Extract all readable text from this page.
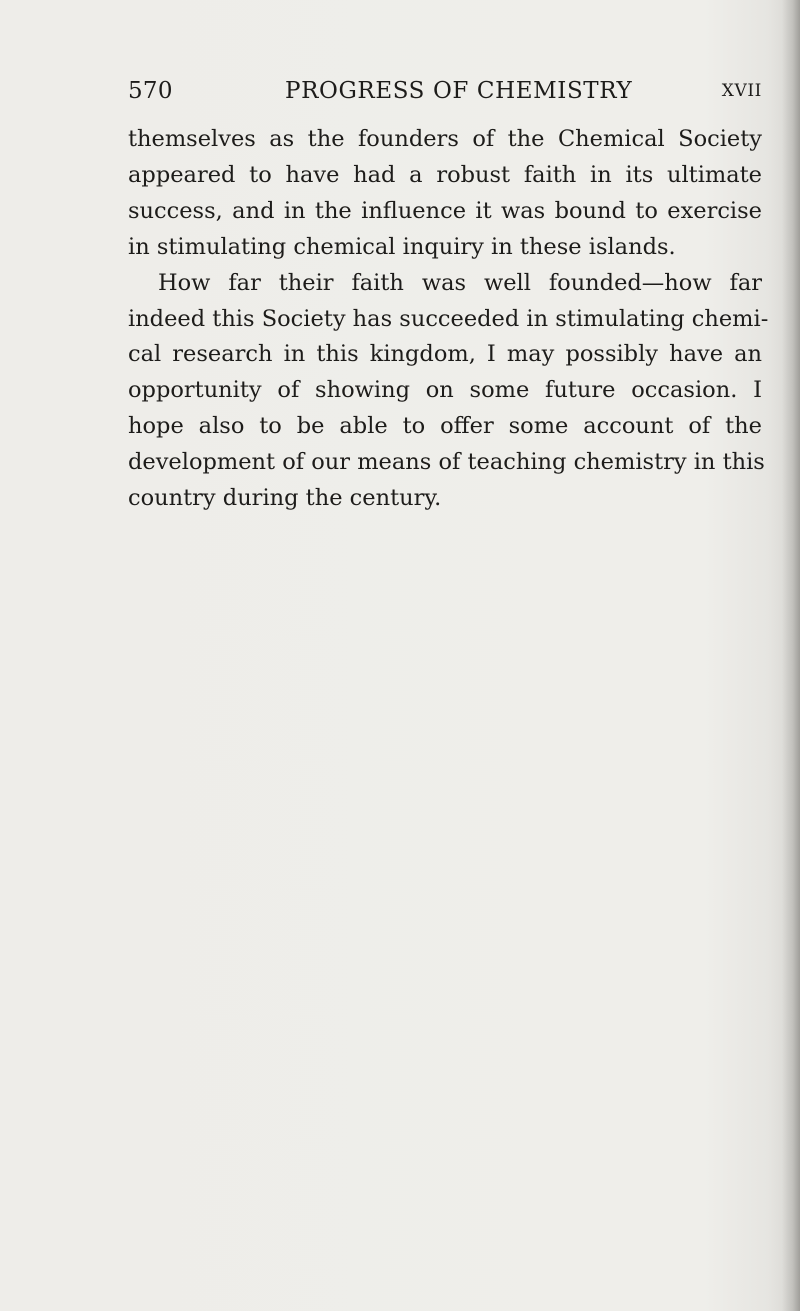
570	PROGRESS OF CHEMISTRY	XVII
themselves as the founders of the Chemical Society
appeared to have had a robust faith in its ultimate
success, and in the influence it was bound to exercise
in stimulating chemical inquiry in these islands.
How far their faith was well founded—how far
indeed this Society has succeeded in stimulating chemi-
cal research in this kingdom, I may possibly have an
opportunity of showing on some future occasion. I
hope also to be able to offer some account of the
development of our means of teaching chemistry in this
country during the century.
